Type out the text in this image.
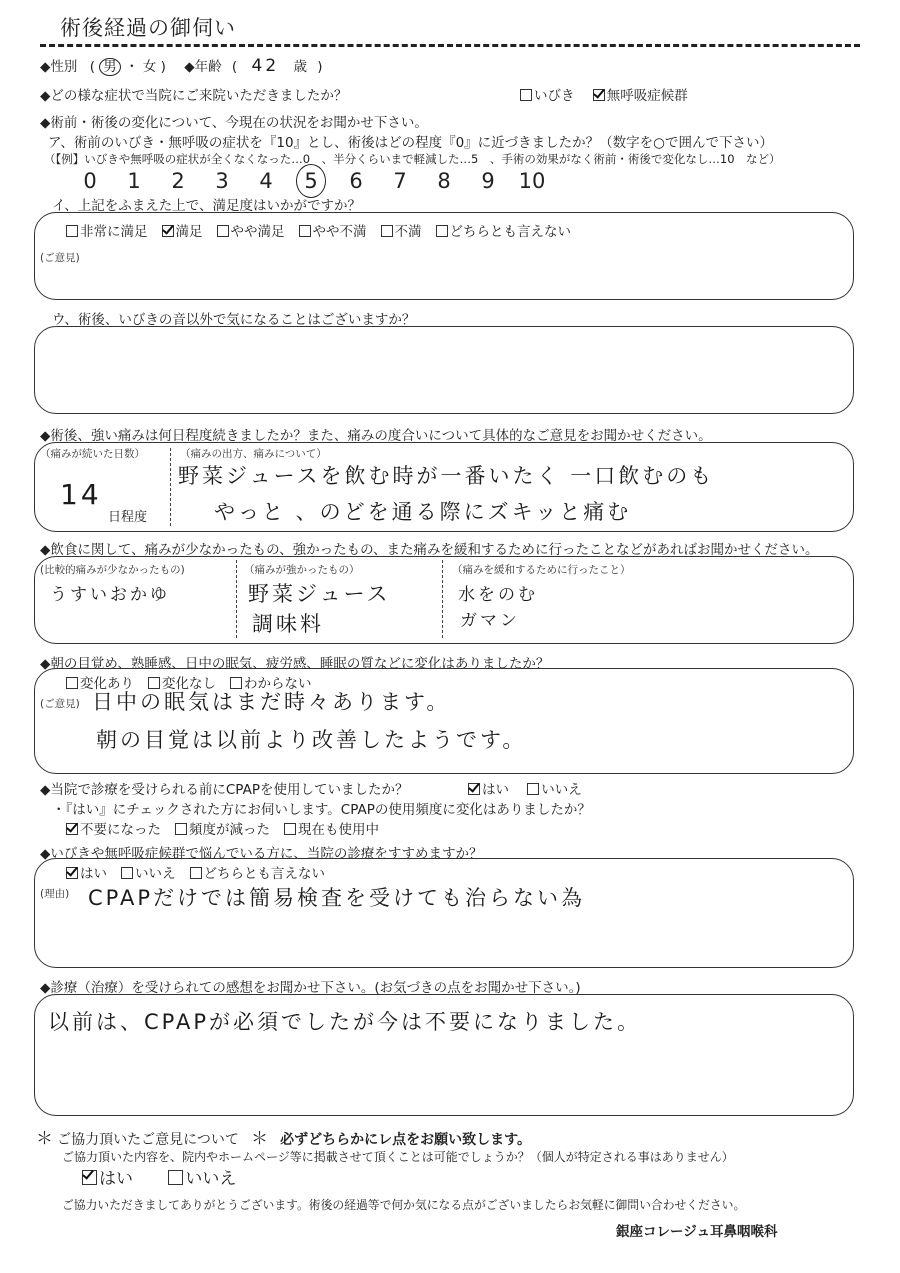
術後経過の御伺い
◆性別 ( 男 ・ 女 ) ◆年齢 ( 42 歳 )
◆どの様な症状で当院にご来院いただきましたか？	いびき 無呼吸症候群
◆術前・術後の変化について、今現在の状況をお聞かせ下さい。
ア、術前のいびき・無呼吸の症状を『10』とし、術後はどの程度『0』に近づきましたか？（数字を○で囲んで下さい）
（【例】いびきや無呼吸の症状が全くなくなった…0　、半分くらいまで軽減した…5　、手術の効果がなく術前・術後で変化なし…10　など）
0 1 2 3 4 5 6 7 8 9 10
イ、上記をふまえた上で、満足度はいかがですか？
非常に満足 満足 やや満足 やや不満 不満 どちらとも言えない
(ご意見)
ウ、術後、いびきの音以外で気になることはございますか？
◆術後、強い痛みは何日程度続きましたか？また、痛みの度合いについて具体的なご意見をお聞かせください。
（痛みが続いた日数）
14
日程度
（痛みの出方、痛みについて）
野菜ジュースを飲む時が一番いたく 一口飲むのも
やっと 、のどを通る際にズキッと痛む
◆飲食に関して、痛みが少なかったもの、強かったもの、また痛みを緩和するために行ったことなどがあればお聞かせください。
(比較的痛みが少なかったもの)
うすいおかゆ
（痛みが強かったもの）
野菜ジュース
調味料
（痛みを緩和するために行ったこと）
水をのむ
ガマン
◆朝の目覚め、熟睡感、日中の眠気、疲労感、睡眠の質などに変化はありましたか？
変化あり 変化なし わからない
(ご意見) 日中の眠気はまだ時々あります。
朝の目覚は以前より改善したようです。
◆当院で診療を受けられる前にCPAPを使用していましたか？	はい いいえ
・『はい』にチェックされた方にお伺いします。CPAPの使用頻度に変化はありましたか？
不要になった 頻度が減った 現在も使用中
◆いびきや無呼吸症候群で悩んでいる方に、当院の診療をすすめますか？
はい いいえ どちらとも言えない
(理由) CPAPだけでは簡易検査を受けても治らない為
◆診療（治療）を受けられての感想をお聞かせ下さい。(お気づきの点をお聞かせ下さい。)
以前は、CPAPが必須でしたが今は不要になりました。
＊ ご協力頂いたご意見について ＊ 必ずどちらかにレ点をお願い致します。
ご協力頂いた内容を、院内やホームページ等に掲載させて頂くことは可能でしょうか？（個人が特定される事はありません）
はい	いいえ
ご協力いただきましてありがとうございます。術後の経過等で何か気になる点がございましたらお気軽に御問い合わせください。
銀座コレージュ耳鼻咽喉科
